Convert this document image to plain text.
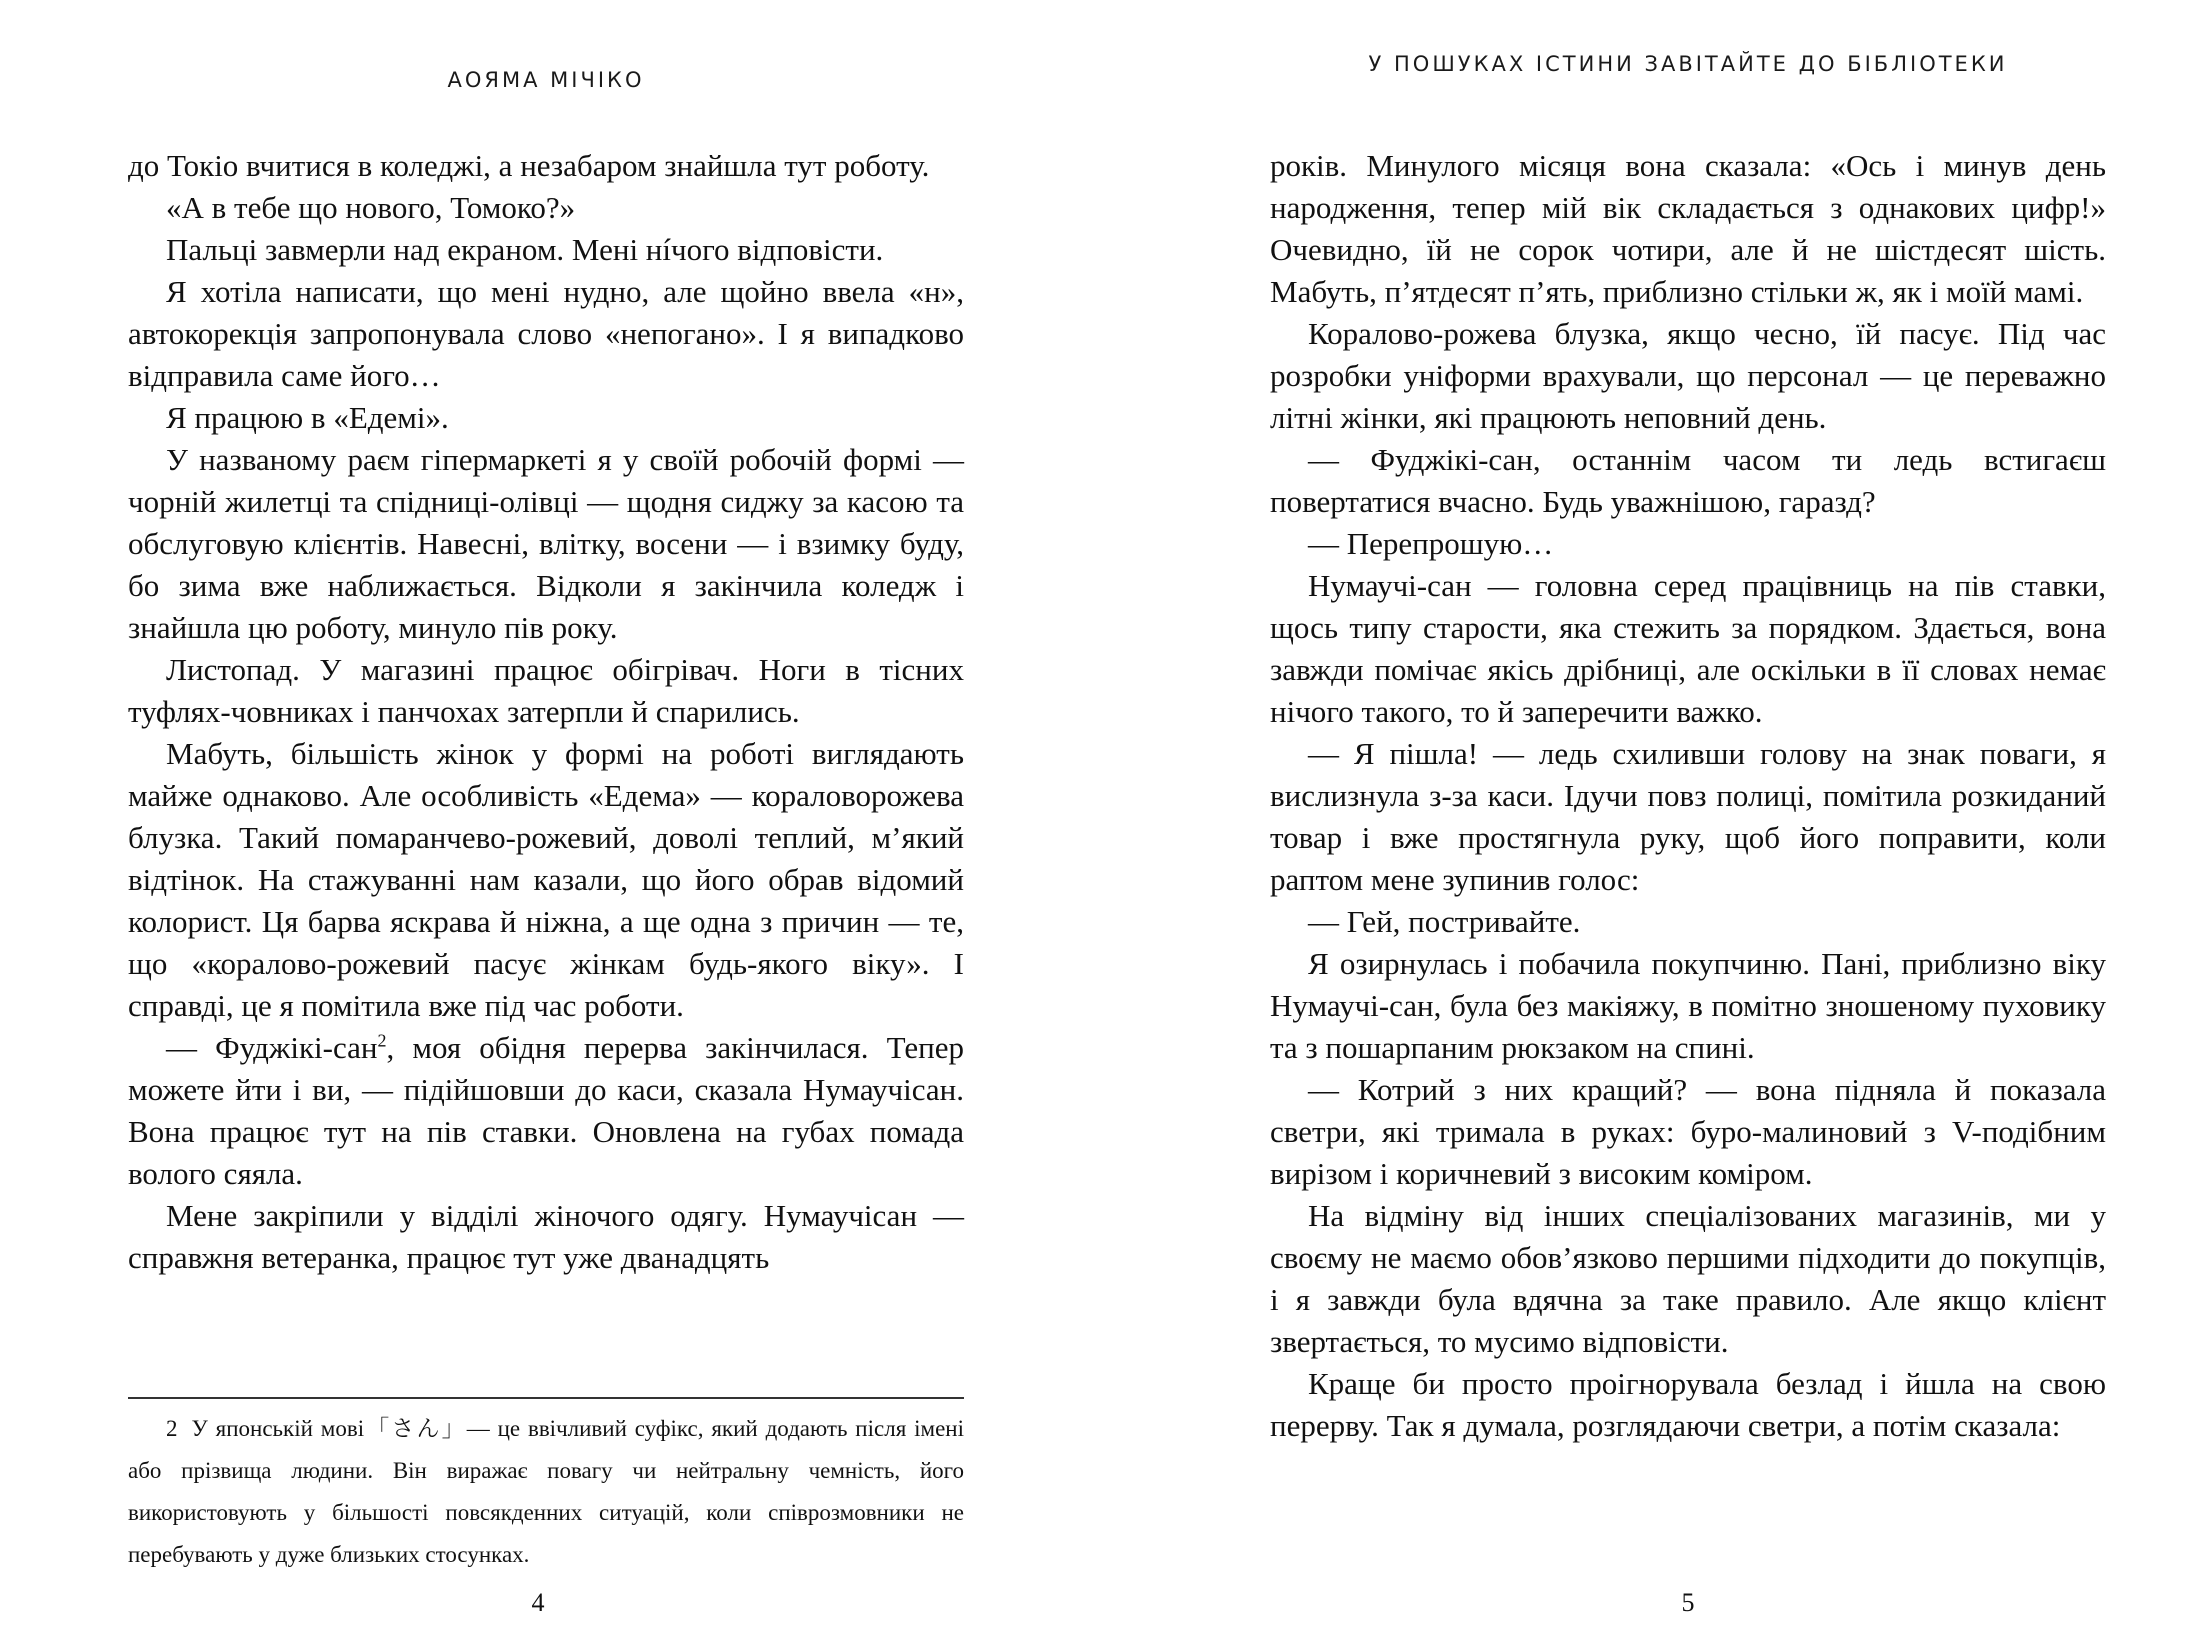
АОЯМА МІЧІКО

до Токіо вчитися в коледжі, а незабаром знайшла тут роботу.

«А в тебе що нового, Томоко?»

Пальці завмерли над екраном. Мені нíчого відповісти.

Я хотіла написати, що мені нудно, але щойно ввела «н», автокорекція запропонувала слово «непогано». І я випадково відправила саме його…

Я працюю в «Едемі».

У названому раєм гіпермаркеті я у своїй робочій формі — чорній жилетці та спідниці-олівці — щодня сиджу за касою та обслуговую клієнтів. Навесні, влітку, восени — і взимку буду, бо зима вже наближається. Відколи я закінчила коледж і знайшла цю роботу, минуло пів року.

Листопад. У магазині працює обігрівач. Ноги в тісних туфлях-човниках і панчохах затерпли й спарились.

Мабуть, більшість жінок у формі на роботі виглядають майже однаково. Але особливість «Едема» — кораловорожева блузка. Такий помаранчево-рожевий, доволі теплий, м’який відтінок. На стажуванні нам казали, що його обрав відомий колорист. Ця барва яскрава й ніжна, а ще одна з причин — те, що «коралово-рожевий пасує жінкам будь-якого віку». І справді, це я помітила вже під час роботи.

— Фуджікі-сан$^2$, моя обідня перерва закінчилася. Тепер можете йти і ви, — підійшовши до каси, сказала Нумаучісан. Вона працює тут на пів ставки. Оновлена на губах помада волого сяяла.

Мене закріпили у відділі жіночого одягу. Нумаучісан — справжня ветеранка, працює тут уже дванадцять

2 У японській мові「さん」— це ввічливий суфікс, який додають після імені або прізвища людини. Він виражає повагу чи нейтральну чемність, його використовують у більшості повсякденних ситуацій, коли співрозмовники не перебувають у дуже близьких стосунках.

4
У ПОШУКАХ ІСТИНИ ЗАВІТАЙТЕ ДО БІБЛІОТЕКИ

років. Минулого місяця вона сказала: «Ось і минув день народження, тепер мій вік складається з однакових цифр!» Очевидно, їй не сорок чотири, але й не шістдесят шість. Мабуть, п’ятдесят п’ять, приблизно стільки ж, як і моїй мамі.

Коралово-рожева блузка, якщо чесно, їй пасує. Під час розробки уніформи врахували, що персонал — це переважно літні жінки, які працюють неповний день.

— Фуджікі-сан, останнім часом ти ледь встигаєш повертатися вчасно. Будь уважнішою, гаразд?

— Перепрошую…

Нумаучі-сан — головна серед працівниць на пів ставки, щось типу старости, яка стежить за порядком. Здається, вона завжди помічає якісь дрібниці, але оскільки в її словах немає нічого такого, то й заперечити важко.

— Я пішла! — ледь схиливши голову на знак поваги, я вислизнула з-за каси. Ідучи повз полиці, помітила розкиданий товар і вже простягнула руку, щоб його поправити, коли раптом мене зупинив голос:

— Гей, постривайте.

Я озирнулась і побачила покупчиню. Пані, приблизно віку Нумаучі-сан, була без макіяжу, в помітно зношеному пуховику та з пошарпаним рюкзаком на спині.

— Котрий з них кращий? — вона підняла й показала светри, які тримала в руках: буро-малиновий з V-подібним вирізом і коричневий з високим коміром.

На відміну від інших спеціалізованих магазинів, ми у своєму не маємо обов’язково першими підходити до покупців, і я завжди була вдячна за таке правило. Але якщо клієнт звертається, то мусимо відповісти.

Краще би просто проігнорувала безлад і йшла на свою перерву. Так я думала, розглядаючи светри, а потім сказала:

5
